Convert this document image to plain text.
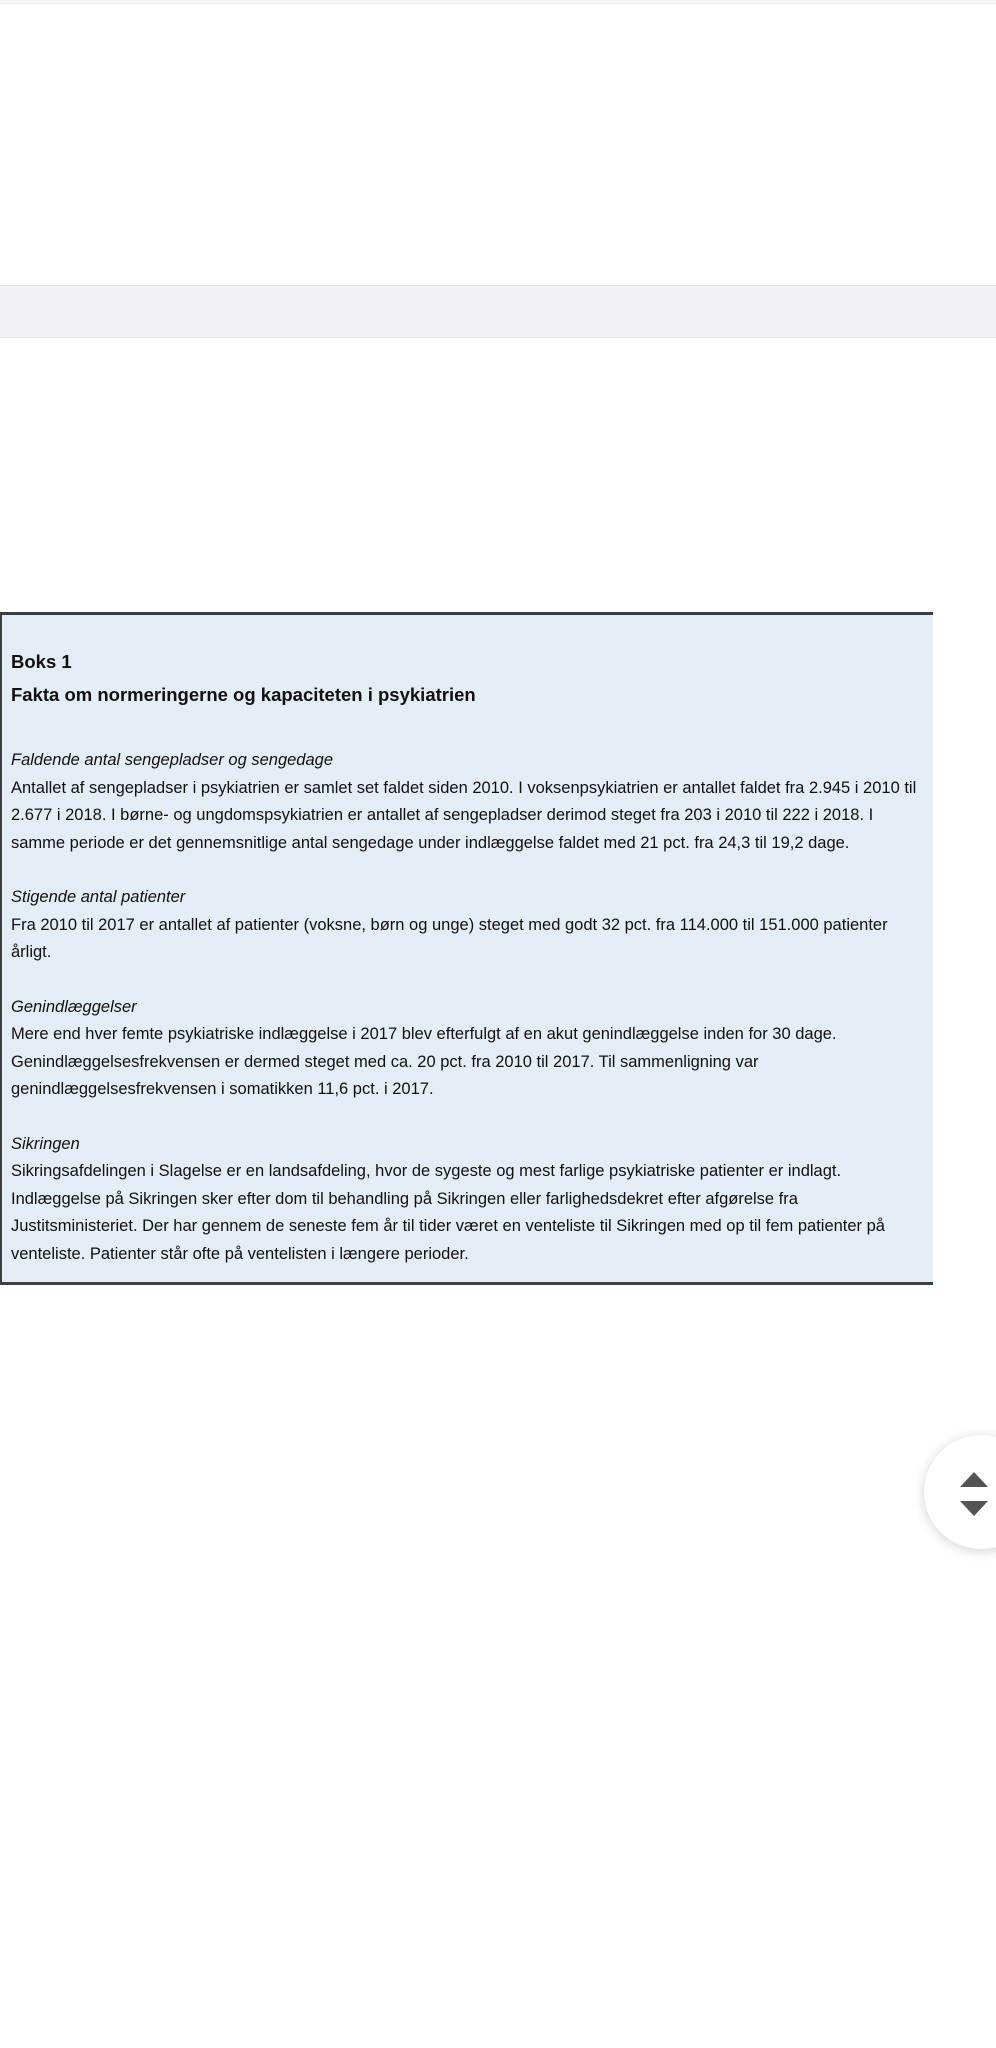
Boks 1
Fakta om normeringerne og kapaciteten i psykiatrien
Faldende antal sengepladser og sengedage

Antallet af sengepladser i psykiatrien er samlet set faldet siden 2010. I voksenpsykiatrien er antallet faldet fra 2.945 i 2010 til 2.677 i 2018. I børne- og ungdomspsykiatrien er antallet af sengepladser derimod steget fra 203 i 2010 til 222 i 2018. I samme periode er det gennemsnitlige antal sengedage under indlæggelse faldet med 21 pct. fra 24,3 til 19,2 dage.

Stigende antal patienter

Fra 2010 til 2017 er antallet af patienter (voksne, børn og unge) steget med godt 32 pct. fra 114.000 til 151.000 patienter årligt.

Genindlæggelser

Mere end hver femte psykiatriske indlæggelse i 2017 blev efterfulgt af en akut genindlæggelse inden for 30 dage. Genindlæggelsesfrekvensen er dermed steget med ca. 20 pct. fra 2010 til 2017. Til sammenligning var genindlæggelsesfrekvensen i somatikken 11,6 pct. i 2017.

Sikringen

Sikringsafdelingen i Slagelse er en landsafdeling, hvor de sygeste og mest farlige psykiatriske patienter er indlagt. Indlæggelse på Sikringen sker efter dom til behandling på Sikringen eller farlighedsdekret efter afgørelse fra Justitsministeriet. Der har gennem de seneste fem år til tider været en venteliste til Sikringen med op til fem patienter på venteliste. Patienter står ofte på ventelisten i længere perioder.
